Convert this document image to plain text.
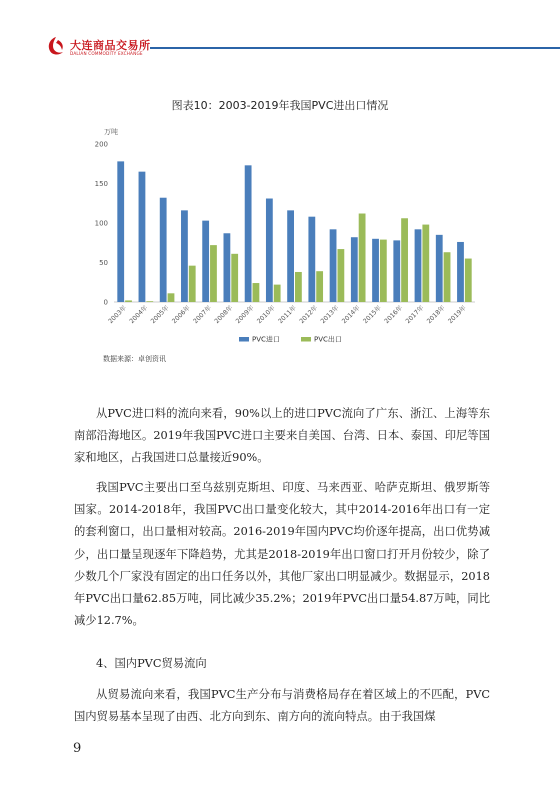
大连商品交易所
DALIAN COMMODITY EXCHANGE
图表10：2003-2019年我国PVC进出口情况
万吨
0
50
100
150
200
2003年 2004年 2005年 2006年 2007年 2008年 2009年 2010年 2011年 2012年 2013年 2014年 2015年 2016年 2017年 2018年 2019年
PVC进口	PVC出口
数据来源：卓创资讯

从PVC进口料的流向来看，90%以上的进口PVC流向了广东、浙江、上海等东南部沿海地区。2019年我国PVC进口主要来自美国、台湾、日本、泰国、印尼等国家和地区，占我国进口总量接近90%。

我国PVC主要出口至乌兹别克斯坦、印度、马来西亚、哈萨克斯坦、俄罗斯等国家。2014-2018年，我国PVC出口量变化较大，其中2014-2016年出口有一定的套利窗口，出口量相对较高。2016-2019年国内PVC均价逐年提高，出口优势减少，出口量呈现逐年下降趋势，尤其是2018-2019年出口窗口打开月份较少，除了少数几个厂家没有固定的出口任务以外，其他厂家出口明显减少。数据显示，2018年PVC出口量62.85万吨，同比减少35.2%；2019年PVC出口量54.87万吨，同比减少12.7%。

4、国内PVC贸易流向

从贸易流向来看，我国PVC生产分布与消费格局存在着区域上的不匹配，PVC国内贸易基本呈现了由西、北方向到东、南方向的流向特点。由于我国煤

9
